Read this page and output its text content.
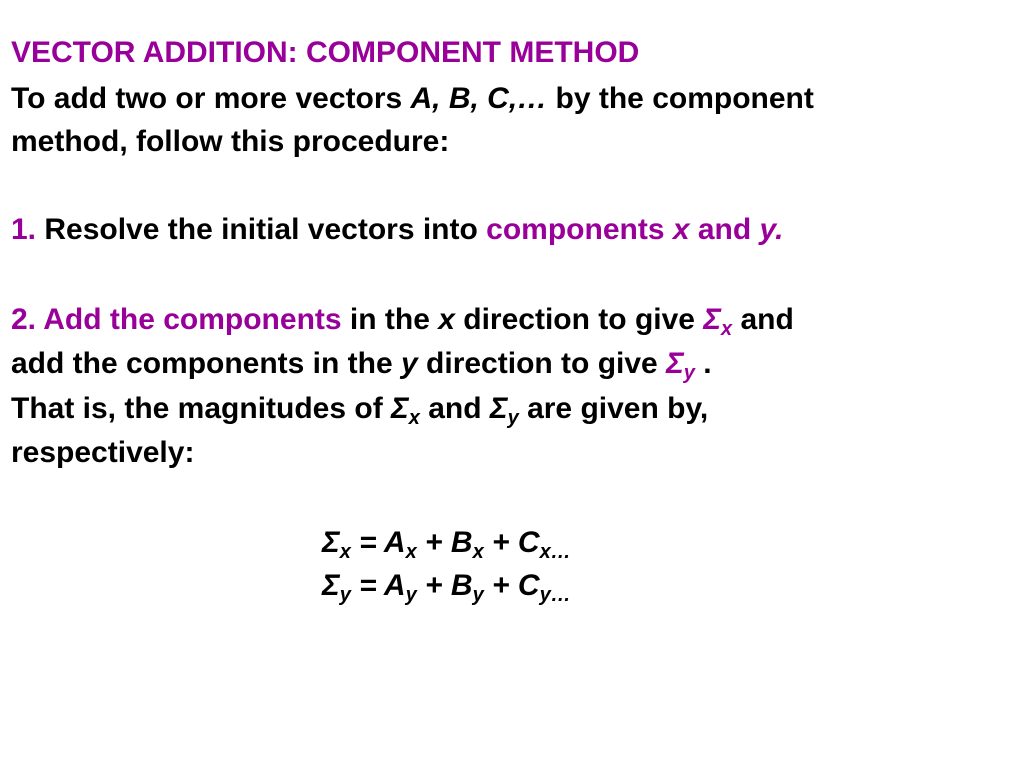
VECTOR ADDITION: COMPONENT METHOD
To add two or more vectors A, B, C,… by the component
method, follow this procedure:
1. Resolve the initial vectors into components x and y.
2. Add the components in the x direction to give $\Sigma_x$ and
add the components in the y direction to give $\Sigma_y$ .
That is, the magnitudes of $\Sigma_x$ and $\Sigma_y$ are given by,
respectively:
$\Sigma_x = A_x + B_x + C_{x\dots}$
$\Sigma_y = A_y + B_y + C_{y\dots}$
